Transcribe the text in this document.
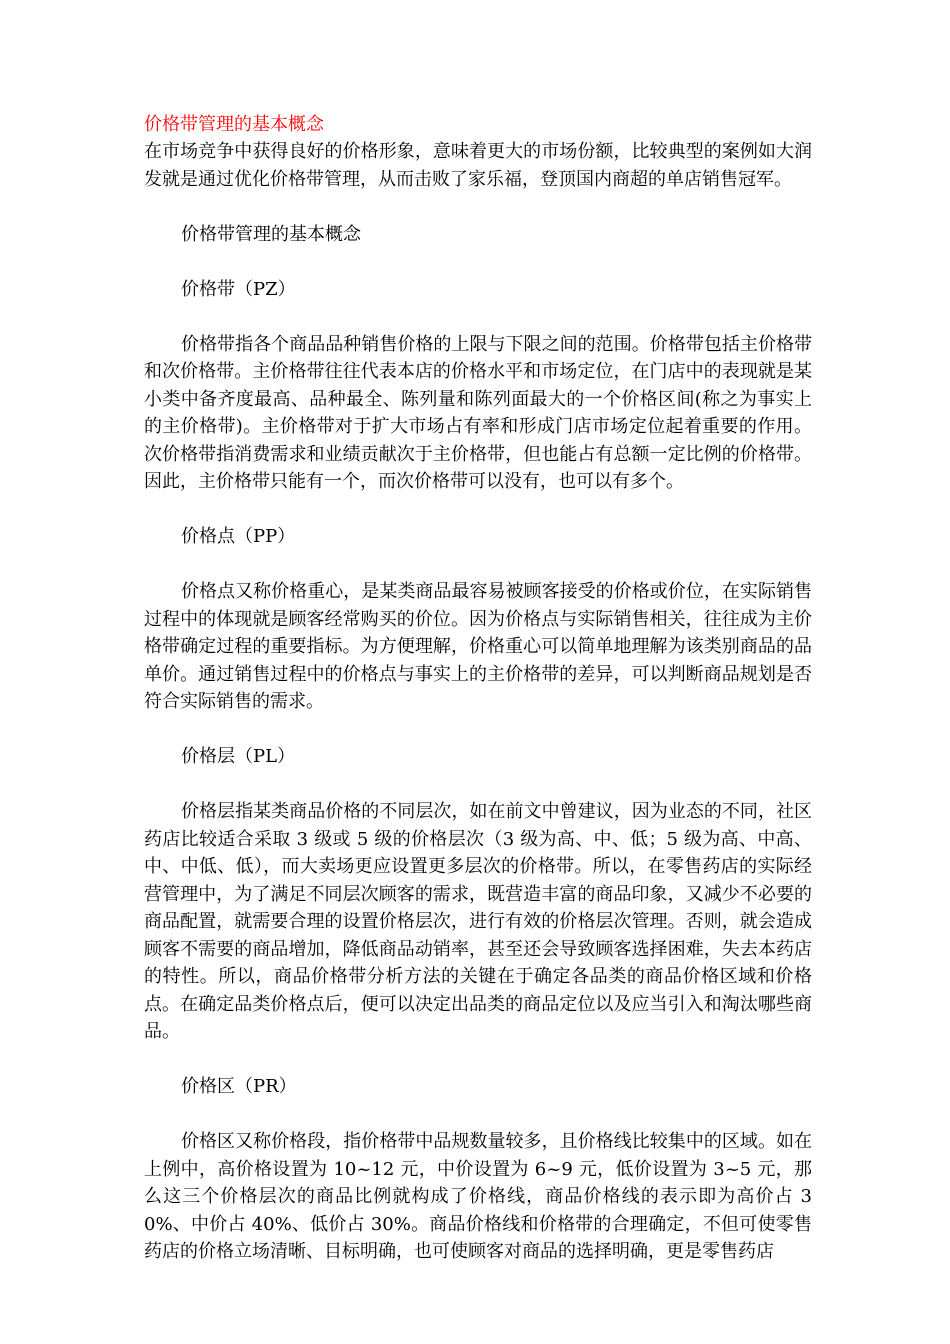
价格带管理的基本概念

在市场竞争中获得良好的价格形象，意味着更大的市场份额，比较典型的案例如大润发就是通过优化价格带管理，从而击败了家乐福，登顶国内商超的单店销售冠军。

价格带管理的基本概念

价格带（PZ）

价格带指各个商品品种销售价格的上限与下限之间的范围。价格带包括主价格带和次价格带。主价格带往往代表本店的价格水平和市场定位，在门店中的表现就是某小类中备齐度最高、品种最全、陈列量和陈列面最大的一个价格区间(称之为事实上的主价格带)。主价格带对于扩大市场占有率和形成门店市场定位起着重要的作用。次价格带指消费需求和业绩贡献次于主价格带，但也能占有总额一定比例的价格带。因此，主价格带只能有一个，而次价格带可以没有，也可以有多个。

价格点（PP）

价格点又称价格重心，是某类商品最容易被顾客接受的价格或价位，在实际销售过程中的体现就是顾客经常购买的价位。因为价格点与实际销售相关，往往成为主价格带确定过程的重要指标。为方便理解，价格重心可以简单地理解为该类别商品的品单价。通过销售过程中的价格点与事实上的主价格带的差异，可以判断商品规划是否符合实际销售的需求。

价格层（PL）

价格层指某类商品价格的不同层次，如在前文中曾建议，因为业态的不同，社区药店比较适合采取 3 级或 5 级的价格层次（3 级为高、中、低；5 级为高、中高、中、中低、低），而大卖场更应设置更多层次的价格带。所以，在零售药店的实际经营管理中，为了满足不同层次顾客的需求，既营造丰富的商品印象，又减少不必要的商品配置，就需要合理的设置价格层次，进行有效的价格层次管理。否则，就会造成顾客不需要的商品增加，降低商品动销率，甚至还会导致顾客选择困难，失去本药店的特性。所以，商品价格带分析方法的关键在于确定各品类的商品价格区域和价格点。在确定品类价格点后，便可以决定出品类的商品定位以及应当引入和淘汰哪些商品。

价格区（PR）

价格区又称价格段，指价格带中品规数量较多，且价格线比较集中的区域。如在上例中，高价格设置为 10~12 元，中价设置为 6~9 元，低价设置为 3~5 元，那么这三个价格层次的商品比例就构成了价格线，商品价格线的表示即为高价占 30%、中价占 40%、低价占 30%。商品价格线和价格带的合理确定，不但可使零售药店的价格立场清晰、目标明确，也可使顾客对商品的选择明确，更是零售药店
